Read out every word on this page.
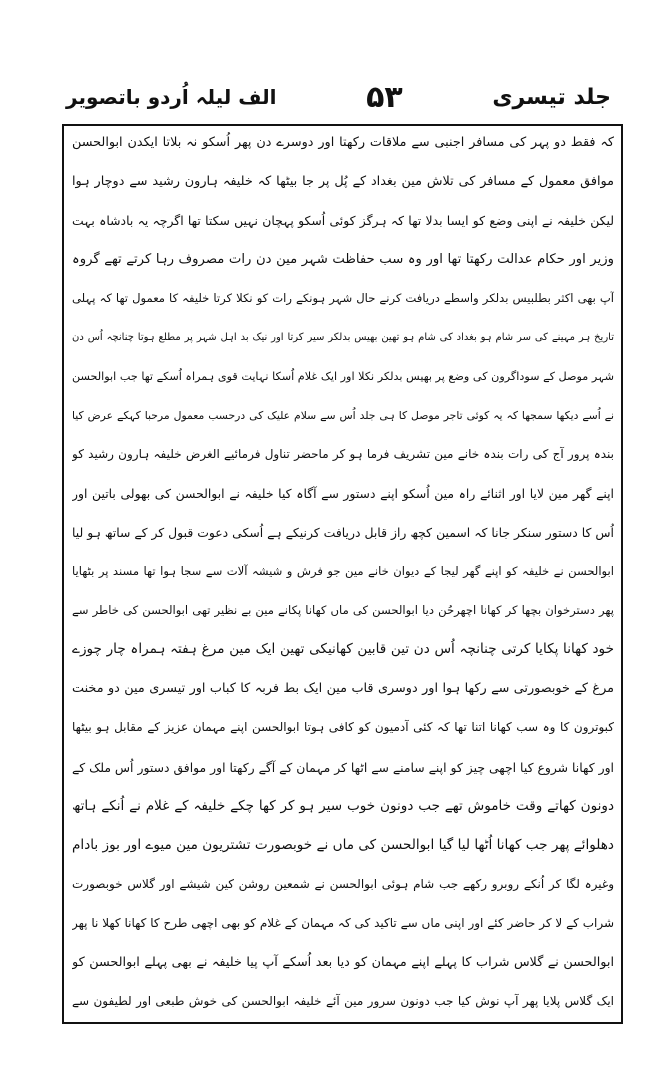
جلد تیسری
۵۳
الف لیلہ اُردو باتصویر
کہ فقط دو پہر کی مسافر اجنبی سے ملاقات رکھتا اور دوسرے دن پھر اُسکو نہ بلاتا ایکدن ابوالحسن
موافق معمول کے مسافر کی تلاش مین بغداد کے پُل پر جا بیٹھا کہ خلیفہ ہارون رشید سے دوچار ہوا
لیکن خلیفہ نے اپنی وضع کو ایسا بدلا تھا کہ ہرگز کوئی اُسکو پہچان نہیں سکتا تھا اگرچہ یہ بادشاہ بہت
وزیر اور حکام عدالت رکھتا تھا اور وہ سب حفاظت شہر مین دن رات مصروف رہا کرتے تھے گروہ
آپ بھی اکثر بطلبیس بدلکر واسطے دریافت کرنے حال شہر ہونکے رات کو نکلا کرتا خلیفہ کا معمول تھا کہ پہلی
تاریخ ہر مہینے کی سر شام ہو بغداد کی شام ہو تھین بھیس بدلکر سیر کرتا اور نیک بد اہل شہر پر مطلع ہوتا چنانچہ اُس دن
شہر موصل کے سوداگرون کی وضع پر بھیس بدلکر نکلا اور ایک غلام اُسکا نہایت قوی ہمراہ اُسکے تھا جب ابوالحسن
نے اُسے دیکھا سمجھا کہ یہ کوئی تاجر موصل کا ہی جلد اُس سے سلام علیک کی درحسب معمول مرحبا کہکے عرض کیا
بندہ پرور آج کی رات بندہ خانے مین تشریف فرما ہو کر ماحضر تناول فرمائیے الغرض خلیفہ ہارون رشید کو
اپنے گھر مین لایا اور اثنائے راہ مین اُسکو اپنے دستور سے آگاہ کیا خلیفہ نے ابوالحسن کی بھولی باتین اور
اُس کا دستور سنکر جانا کہ اسمین کچھ راز قابل دریافت کرنیکے ہے اُسکی دعوت قبول کر کے ساتھ ہو لیا
ابوالحسن نے خلیفہ کو اپنے گھر لیجا کے دیوان خانے مین جو فرش و شیشہ آلات سے سجا ہوا تھا مسند پر بٹھایا
پھر دسترخوان بچھا کر کھانا اچھرحُن دیا ابوالحسن کی ماں کھانا پکانے مین بے نظیر تھی ابوالحسن کی خاطر سے
خود کھانا پکایا کرتی چنانچہ اُس دن تین قابین کھانیکی تھین ایک مین مرغ ہفتہ ہمراہ چار چوزے
مرغ کے خوبصورتی سے رکھا ہوا اور دوسری قاب مین ایک بط فربہ کا کباب اور تیسری مین دو مخنت
کبوترون کا وہ سب کھانا اتنا تھا کہ کئی آدمیون کو کافی ہوتا ابوالحسن اپنے مہمان عزیز کے مقابل ہو بیٹھا
اور کھانا شروع کیا اچھی چیز کو اپنے سامنے سے اٹھا کر مہمان کے آگے رکھتا اور موافق دستور اُس ملک کے
دونون کھاتے وقت خاموش تھے جب دونون خوب سیر ہو کر کھا چکے خلیفہ کے غلام نے اُنکے ہاتھ
دھلوائے پھر جب کھانا اُٹھا لیا گیا ابوالحسن کی ماں نے خوبصورت تشتریون مین میوے اور بوز بادام
وغیرہ لگا کر اُنکے روبرو رکھے جب شام ہوئی ابوالحسن نے شمعین روشن کین شیشے اور گلاس خوبصورت
شراب کے لا کر حاضر کئے اور اپنی ماں سے تاکید کی کہ مہمان کے غلام کو بھی اچھی طرح کا کھانا کھلا نا پھر
ابوالحسن نے گلاس شراب کا پہلے اپنے مہمان کو دیا بعد اُسکے آپ پیا خلیفہ نے بھی پہلے ابوالحسن کو
ایک گلاس پلایا پھر آپ نوش کیا جب دونون سرور مین آئے خلیفہ ابوالحسن کی خوش طبعی اور لطیفون سے
